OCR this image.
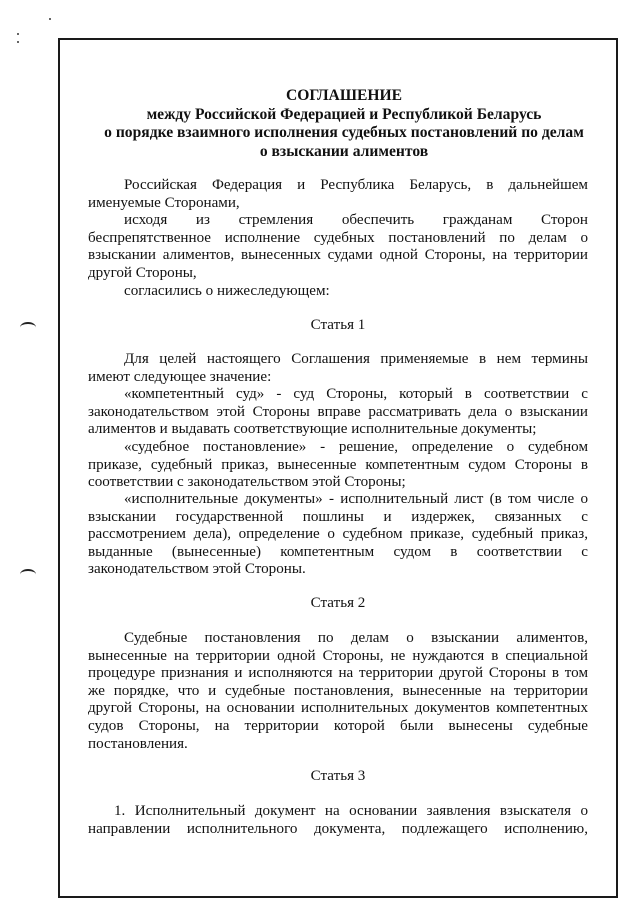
СОГЛАШЕНИЕ
между Российской Федерацией и Республикой Беларусь
о порядке взаимного исполнения судебных постановлений по делам
о взыскании алиментов
Российская Федерация и Республика Беларусь, в дальнейшем
именуемые Сторонами,
исходя из стремления обеспечить гражданам Сторон
беспрепятственное исполнение судебных постановлений по делам о
взыскании алиментов, вынесенных судами одной Стороны, на территории
другой Стороны,
согласились о нижеследующем:
Статья 1
Для целей настоящего Соглашения применяемые в нем термины
имеют следующее значение:
«компетентный суд» - суд Стороны, который в соответствии с
законодательством этой Стороны вправе рассматривать дела о взыскании
алиментов и выдавать соответствующие исполнительные документы;
«судебное постановление» - решение, определение о судебном
приказе, судебный приказ, вынесенные компетентным судом Стороны в
соответствии с законодательством этой Стороны;
«исполнительные документы» - исполнительный лист (в том числе о
взыскании государственной пошлины и издержек, связанных с
рассмотрением дела), определение о судебном приказе, судебный приказ,
выданные (вынесенные) компетентным судом в соответствии с
законодательством этой Стороны.
Статья 2
Судебные постановления по делам о взыскании алиментов,
вынесенные на территории одной Стороны, не нуждаются в специальной
процедуре признания и исполняются на территории другой Стороны в том
же порядке, что и судебные постановления, вынесенные на территории
другой Стороны, на основании исполнительных документов компетентных
судов Стороны, на территории которой были вынесены судебные
постановления.
Статья 3
1. Исполнительный документ на основании заявления взыскателя о
направлении исполнительного документа, подлежащего исполнению,
